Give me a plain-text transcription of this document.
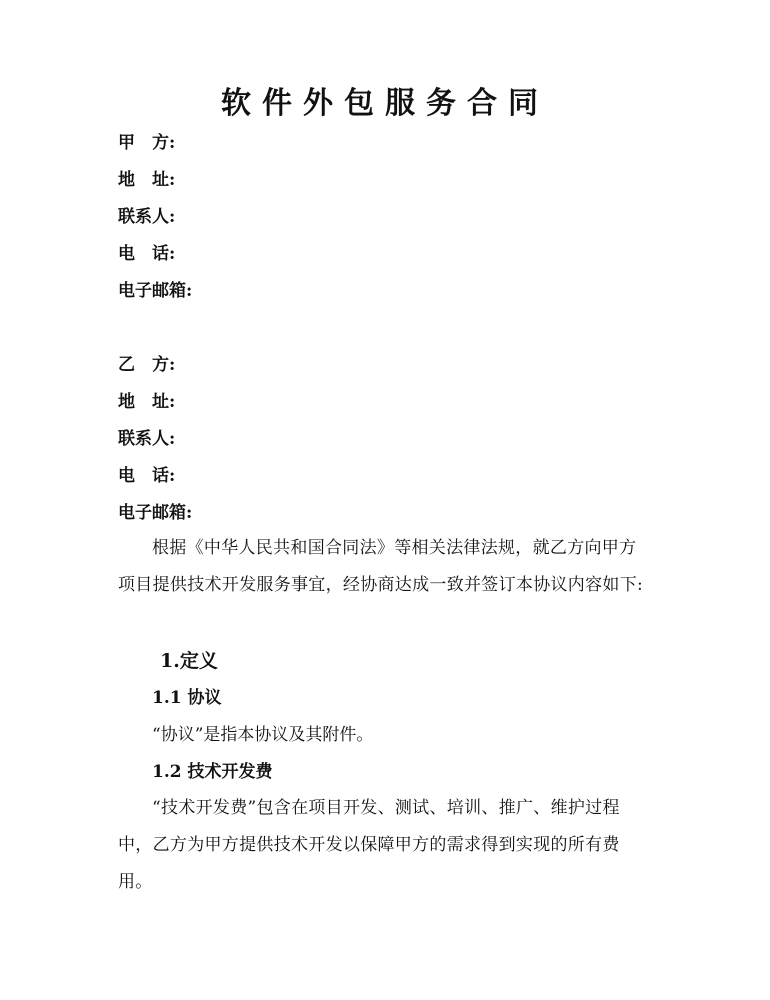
软件外包服务合同
甲　方:
地　址:
联系人:
电　话:
电子邮箱:
乙　方:
地　址:
联系人:
电　话:
电子邮箱:
根据《中华人民共和国合同法》等相关法律法规，就乙方向甲方项目提供技术开发服务事宜，经协商达成一致并签订本协议内容如下:
1.定义
1.1 协议
“协议”是指本协议及其附件。
1.2 技术开发费
“技术开发费”包含在项目开发、测试、培训、推广、维护过程中，乙方为甲方提供技术开发以保障甲方的需求得到实现的所有费用。
